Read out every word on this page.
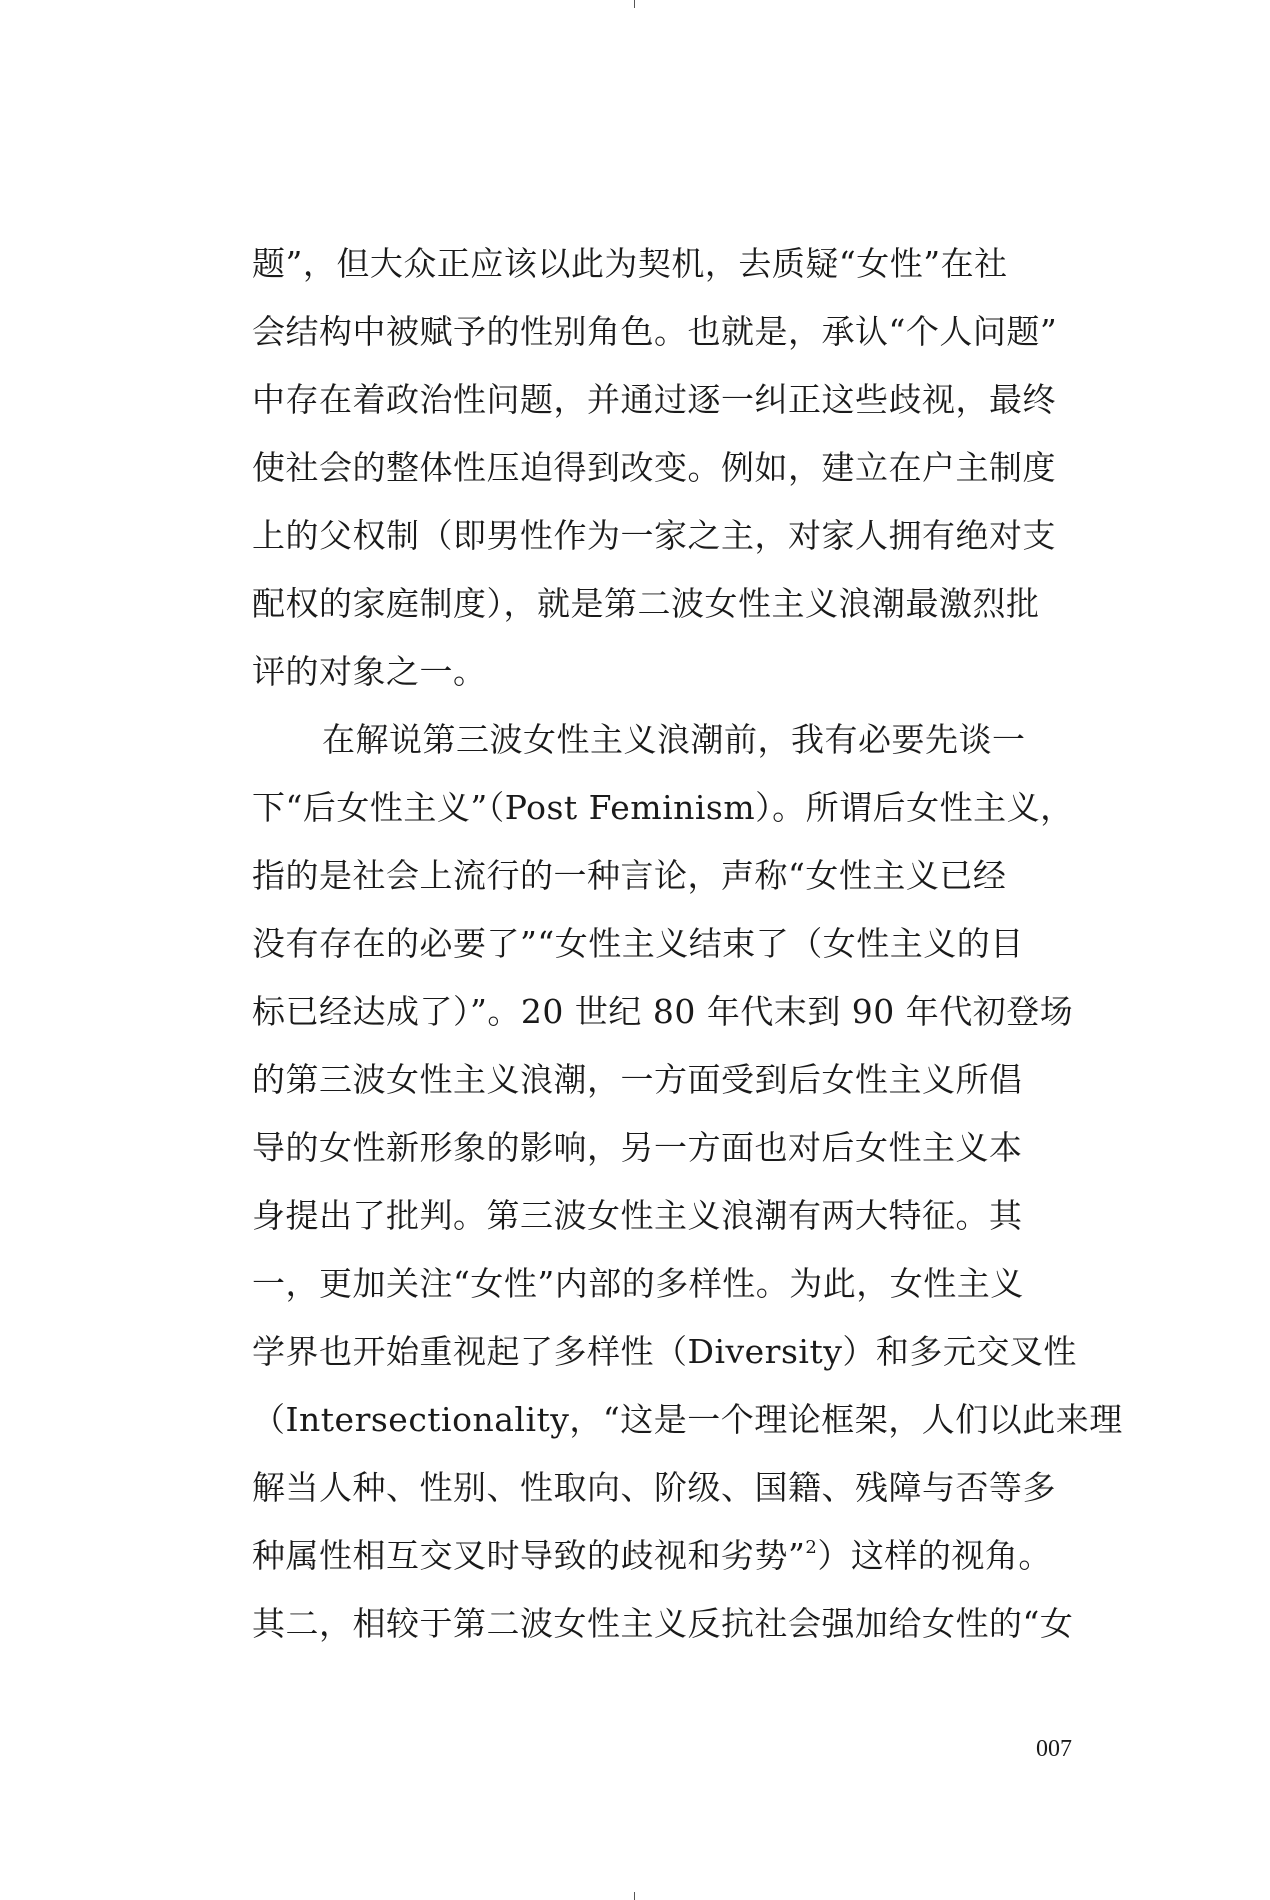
题”，但大众正应该以此为契机，去质疑“女性”在社
会结构中被赋予的性别角色。也就是，承认“个人问题”
中存在着政治性问题，并通过逐一纠正这些歧视，最终
使社会的整体性压迫得到改变。例如，建立在户主制度
上的父权制（即男性作为一家之主，对家人拥有绝对支
配权的家庭制度），就是第二波女性主义浪潮最激烈批
评的对象之一。
在解说第三波女性主义浪潮前，我有必要先谈一
下“后女性主义”（Post Feminism）。所谓后女性主义，
指的是社会上流行的一种言论，声称“女性主义已经
没有存在的必要了”“女性主义结束了（女性主义的目
标已经达成了）”。20 世纪 80 年代末到 90 年代初登场
的第三波女性主义浪潮，一方面受到后女性主义所倡
导的女性新形象的影响，另一方面也对后女性主义本
身提出了批判。第三波女性主义浪潮有两大特征。其
一，更加关注“女性”内部的多样性。为此，女性主义
学界也开始重视起了多样性（Diversity）和多元交叉性
（Intersectionality，“这是一个理论框架，人们以此来理
解当人种、性别、性取向、阶级、国籍、残障与否等多
种属性相互交叉时导致的歧视和劣势”$^2$）这样的视角。
其二，相较于第二波女性主义反抗社会强加给女性的“女
007
